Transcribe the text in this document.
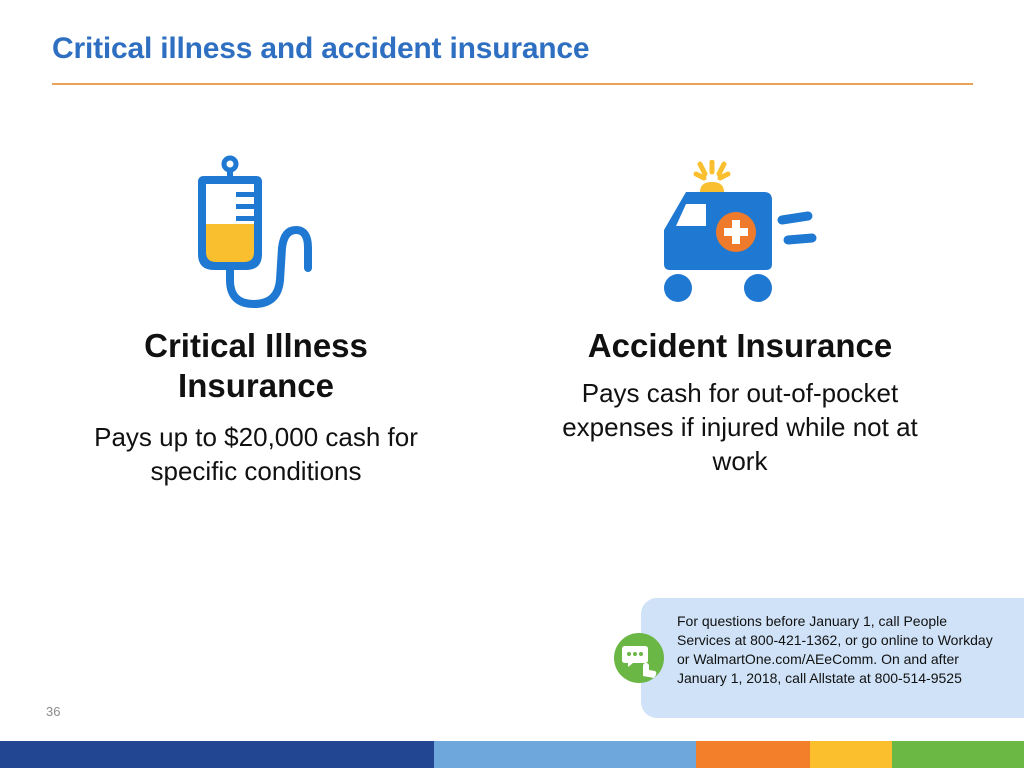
Critical illness and accident insurance
Critical Illness Insurance
Pays up to $20,000 cash for specific conditions
Accident Insurance
Pays cash for out-of-pocket expenses if injured while not at work
For questions before January 1, call People Services at 800-421-1362, or go online to Workday or WalmartOne.com/AEeComm. On and after January 1, 2018, call Allstate at 800-514-9525
36
